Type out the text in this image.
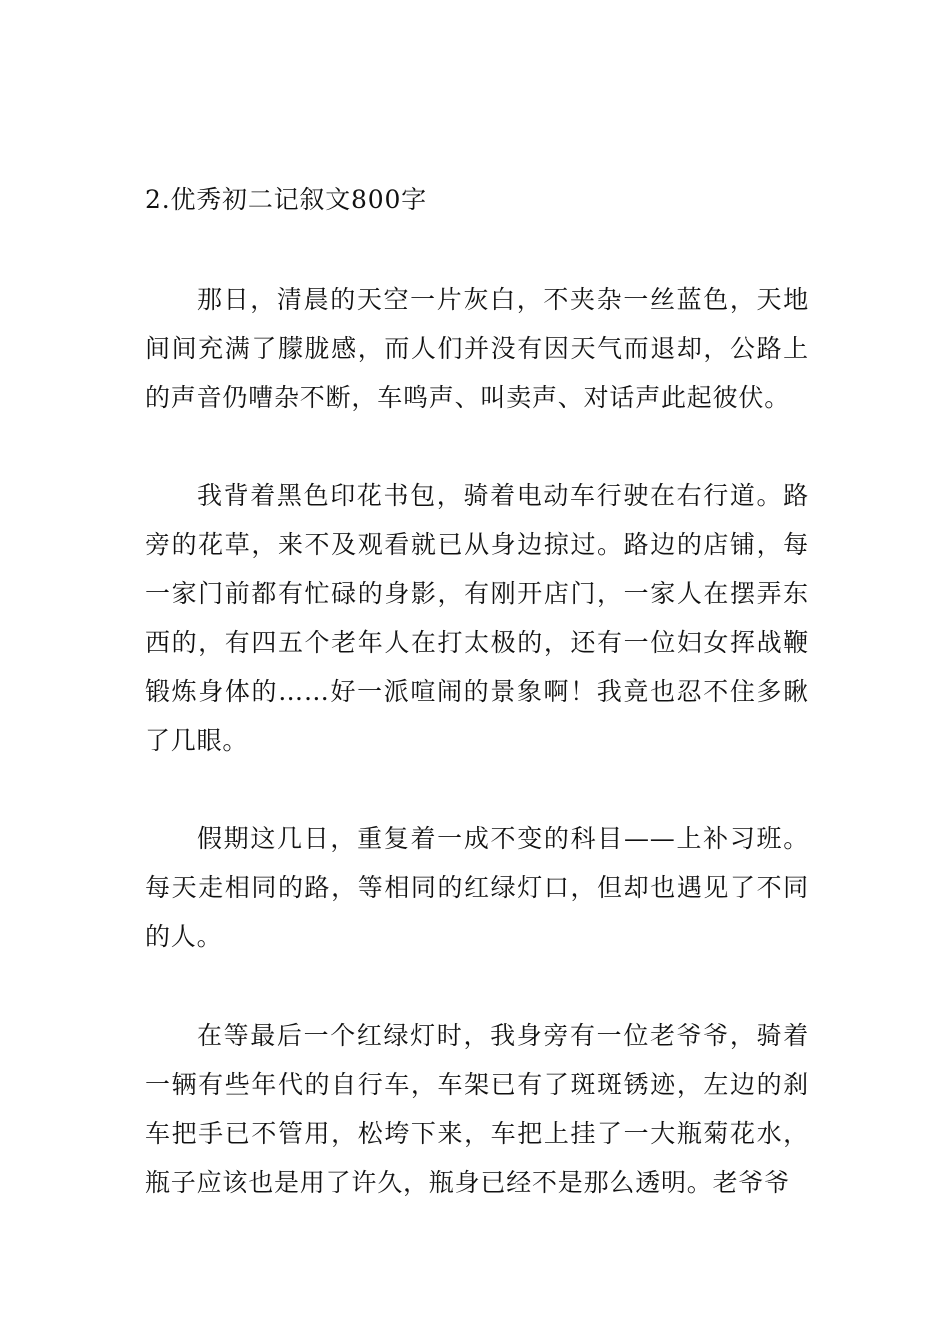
2.优秀初二记叙文800字

那日，清晨的天空一片灰白，不夹杂一丝蓝色，天地间间充满了朦胧感，而人们并没有因天气而退却，公路上的声音仍嘈杂不断，车鸣声、叫卖声、对话声此起彼伏。

我背着黑色印花书包，骑着电动车行驶在右行道。路旁的花草，来不及观看就已从身边掠过。路边的店铺，每一家门前都有忙碌的身影，有刚开店门，一家人在摆弄东西的，有四五个老年人在打太极的，还有一位妇女挥战鞭锻炼身体的……好一派喧闹的景象啊！我竟也忍不住多瞅了几眼。

假期这几日，重复着一成不变的科目——上补习班。每天走相同的路，等相同的红绿灯口，但却也遇见了不同的人。

在等最后一个红绿灯时，我身旁有一位老爷爷，骑着一辆有些年代的自行车，车架已有了斑斑锈迹，左边的刹车把手已不管用，松垮下来，车把上挂了一大瓶菊花水，瓶子应该也是用了许久，瓶身已经不是那么透明。老爷爷
